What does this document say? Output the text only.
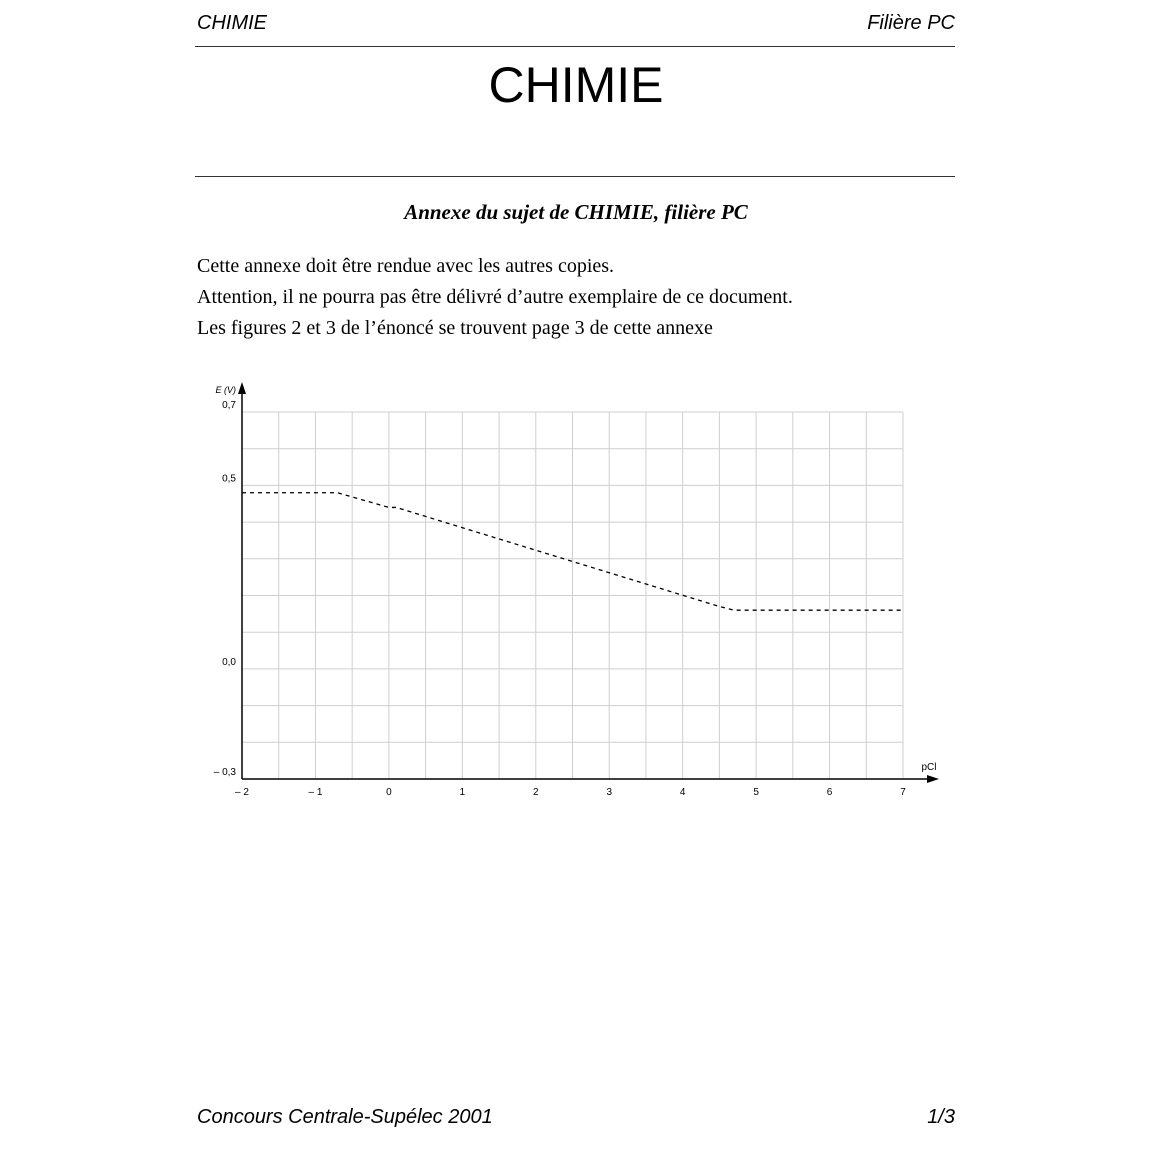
CHIMIE	Filière PC
CHIMIE
Annexe du sujet de CHIMIE, filière PC

Cette annexe doit être rendue avec les autres copies.

Attention, il ne pourra pas être délivré d’autre exemplaire de ce document.

Les figures 2 et 3 de l’énoncé se trouvent page 3 de cette annexe

E (V)
pCl
– 2	– 1	0	1	2	3	4	5	6	7
0,7
0,5
0,0
– 0,3
Concours Centrale-Supélec 2001	1/3
